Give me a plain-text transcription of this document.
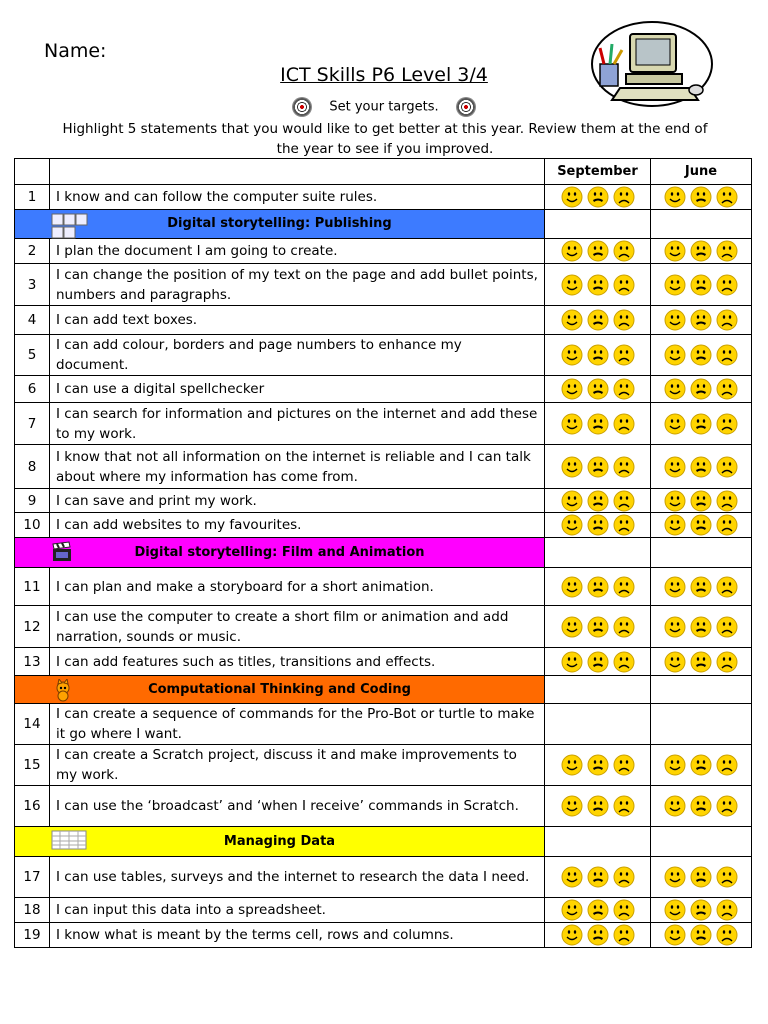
Name:
ICT Skills P6 Level 3/4
Set your targets.
Highlight 5 statements that you would like to get better at this year. Review them at the end of the year to see if you improved.
		September	June
1	I know and can follow the computer suite rules.		

Digital storytelling: Publishing			
2	I plan the document I am going to create.		
3	I can change the position of my text on the page and add bullet points, numbers and paragraphs.		
4	I can add text boxes.		
5	I can add colour, borders and page numbers to enhance my document.		
6	I can use a digital spellchecker		
7	I can search for information and pictures on the internet and add these to my work.		
8	I know that not all information on the internet is reliable and I can talk about where my information has come from.		
9	I can save and print my work.		
10	I can add websites to my favourites.		

Digital storytelling: Film and Animation			
11	I can plan and make a storyboard for a short animation.		
12	I can use the computer to create a short film or animation and add narration, sounds or music.		
13	I can add features such as titles, transitions and effects.		

Computational Thinking and Coding			
14	I can create a sequence of commands for the Pro-Bot or turtle to make it go where I want.		
15	I can create a Scratch project, discuss it and make improvements to my work.		
16	I can use the ‘broadcast’ and ‘when I receive’ commands in Scratch.		

Managing Data			
17	I can use tables, surveys and the internet to research the data I need.		
18	I can input this data into a spreadsheet.		
19	I know what is meant by the terms cell, rows and columns.		
